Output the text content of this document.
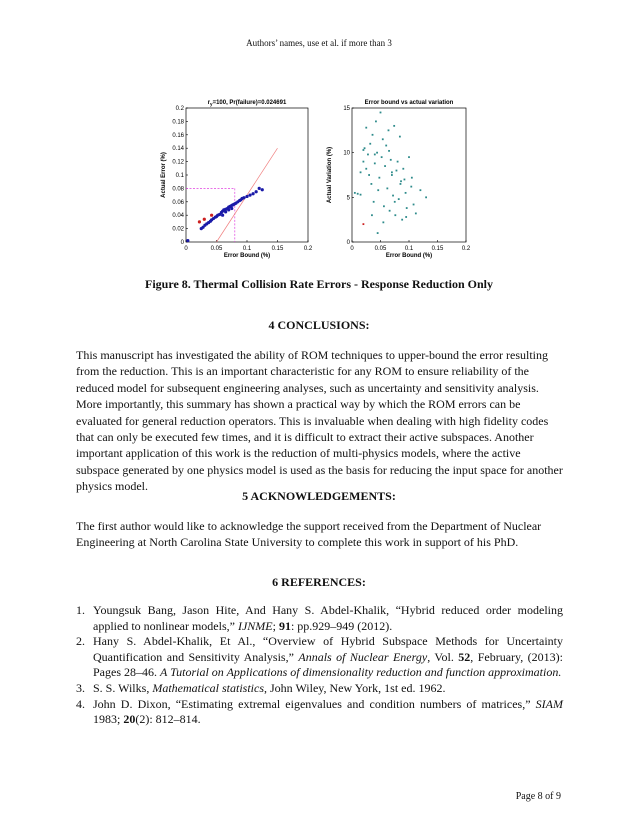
Authors’ names, use et al. if more than 3
0	0.05	0.1	0.15	0.2
0
0.02
0.04
0.06
0.08
0.1
0.12
0.14
0.16
0.18
0.2
Error Bound (%)
Actual Error (%)
$r_y=100$, Pr(failure)=0.024691
0	0.05	0.1	0.15	0.2
0
5
10
15
Error Bound (%)
Actual Variation (%)
Error bound vs actual variation
Figure 8. Thermal Collision Rate Errors - Response Reduction Only
4 CONCLUSIONS:

This manuscript has investigated the ability of ROM techniques to upper-bound the error resulting from the reduction. This is an important characteristic for any ROM to ensure reliability of the reduced model for subsequent engineering analyses, such as uncertainty and sensitivity analysis. More importantly, this summary has shown a practical way by which the ROM errors can be evaluated for general reduction operators. This is invaluable when dealing with high fidelity codes that can only be executed few times, and it is difficult to extract their active subspaces. Another important application of this work is the reduction of multi-physics models, where the active subspace generated by one physics model is used as the basis for reducing the input space for another physics model.

5 ACKNOWLEDGEMENTS:

The first author would like to acknowledge the support received from the Department of Nuclear Engineering at North Carolina State University to complete this work in support of his PhD.

6 REFERENCES:
1. Youngsuk Bang, Jason Hite, And Hany S. Abdel-Khalik, “Hybrid reduced order modeling applied to nonlinear models,” IJNME; 91: pp.929–949 (2012).
2. Hany S. Abdel-Khalik, Et Al., “Overview of Hybrid Subspace Methods for Uncertainty Quantification and Sensitivity Analysis,” Annals of Nuclear Energy, Vol. 52, February, (2013): Pages 28–46. A Tutorial on Applications of dimensionality reduction and function approximation.
3. S. S. Wilks, Mathematical statistics, John Wiley, New York, 1st ed. 1962.
4. John D. Dixon, “Estimating extremal eigenvalues and condition numbers of matrices,” SIAM 1983; 20(2): 812–814.
Page 8 of 9
